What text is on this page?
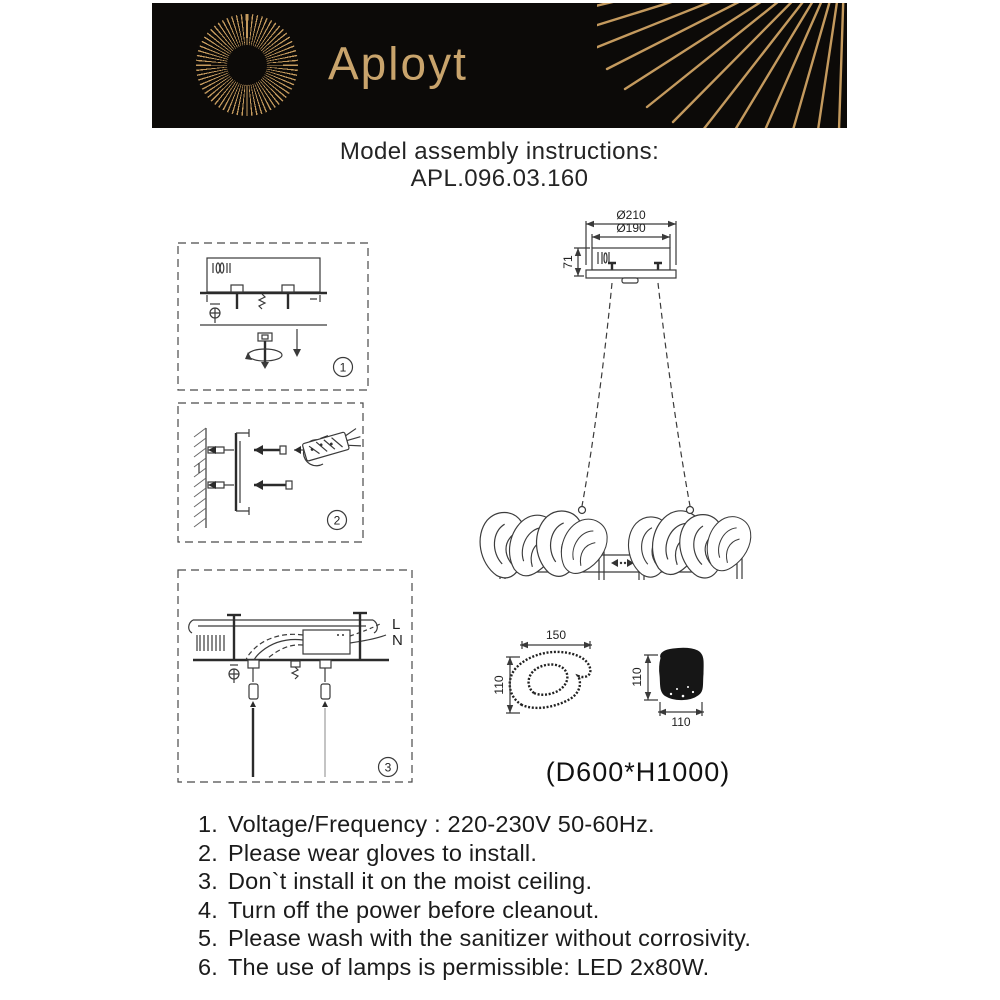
Aployt
Model assembly instructions:
APL.096.03.160
1
2
L
N
3
Ø210
Ø190
71
150
110	110
110
(D600*H1000)
1. Voltage/Frequency : 220-230V 50-60Hz.
2. Please wear gloves to install.
3. Don`t install it on the moist ceiling.
4. Turn off the power before cleanout.
5. Please wash with the sanitizer without corrosivity.
6. The use of lamps is permissible: LED 2x80W.
